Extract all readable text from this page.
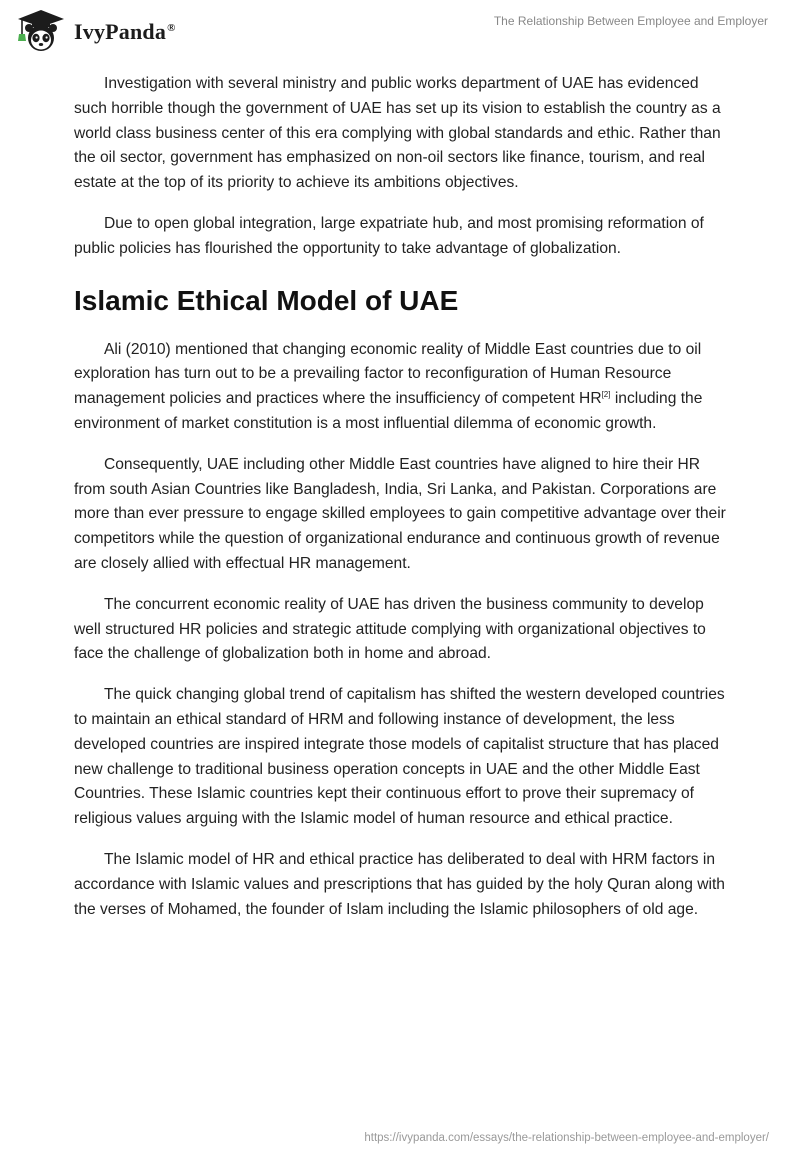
IvyPanda®	The Relationship Between Employee and Employer

Investigation with several ministry and public works department of UAE has evidenced such horrible though the government of UAE has set up its vision to establish the country as a world class business center of this era complying with global standards and ethic. Rather than the oil sector, government has emphasized on non-oil sectors like finance, tourism, and real estate at the top of its priority to achieve its ambitions objectives.

Due to open global integration, large expatriate hub, and most promising reformation of public policies has flourished the opportunity to take advantage of globalization.

Islamic Ethical Model of UAE

Ali (2010) mentioned that changing economic reality of Middle East countries due to oil exploration has turn out to be a prevailing factor to reconfiguration of Human Resource management policies and practices where the insufficiency of competent HR[2] including the environment of market constitution is a most influential dilemma of economic growth.

Consequently, UAE including other Middle East countries have aligned to hire their HR from south Asian Countries like Bangladesh, India, Sri Lanka, and Pakistan. Corporations are more than ever pressure to engage skilled employees to gain competitive advantage over their competitors while the question of organizational endurance and continuous growth of revenue are closely allied with effectual HR management.

The concurrent economic reality of UAE has driven the business community to develop well structured HR policies and strategic attitude complying with organizational objectives to face the challenge of globalization both in home and abroad.

The quick changing global trend of capitalism has shifted the western developed countries to maintain an ethical standard of HRM and following instance of development, the less developed countries are inspired integrate those models of capitalist structure that has placed new challenge to traditional business operation concepts in UAE and the other Middle East Countries. These Islamic countries kept their continuous effort to prove their supremacy of religious values arguing with the Islamic model of human resource and ethical practice.

The Islamic model of HR and ethical practice has deliberated to deal with HRM factors in accordance with Islamic values and prescriptions that has guided by the holy Quran along with the verses of Mohamed, the founder of Islam including the Islamic philosophers of old age.

https://ivypanda.com/essays/the-relationship-between-employee-and-employer/
